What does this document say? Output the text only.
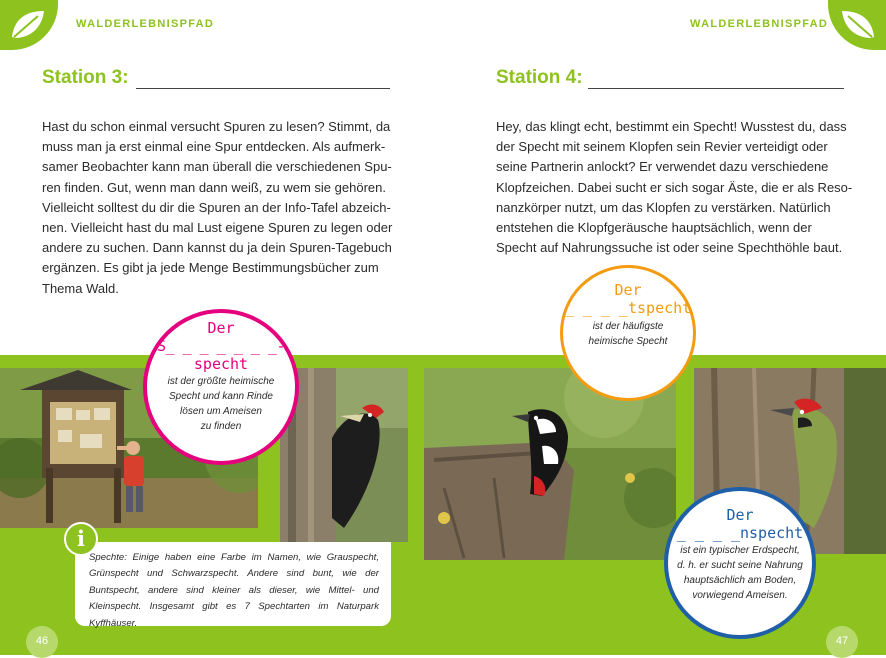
WALDERLEBNISPFAD	WALDERLEBNISPFAD
Station 3:	Station 4:

Hast du schon einmal versucht Spuren zu lesen? Stimmt, da

muss man ja erst einmal eine Spur entdecken. Als aufmerk-

samer Beobachter kann man überall die verschiedenen Spu-

ren finden. Gut, wenn man dann weiß, zu wem sie gehören.

Vielleicht solltest du dir die Spuren an der Info-Tafel abzeich-

nen. Vielleicht hast du mal Lust eigene Spuren zu legen oder

andere zu suchen. Dann kannst du ja dein Spuren-Tagebuch

ergänzen. Es gibt ja jede Menge Bestimmungsbücher zum

Thema Wald.

Hey, das klingt echt, bestimmt ein Specht! Wusstest du, dass

der Specht mit seinem Klopfen sein Revier verteidigt oder

seine Partnerin anlockt? Er verwendet dazu verschiedene

Klopfzeichen. Dabei sucht er sich sogar Äste, die er als Reso-

nanzkörper nutzt, um das Klopfen zu verstärken. Natürlich

entstehen die Klopfgeräusche hauptsächlich, wenn der

Specht auf Nahrungssuche ist oder seine Spechthöhle baut.

Der
S_ _ _ _ _ _ _-
specht
ist der größte heimische
Specht und kann Rinde
lösen um Ameisen
zu finden
Der
_ _ _ _tspecht
ist der häufigste
heimische Specht
Der
_ _ _ _nspecht
ist ein typischer Erdspecht,
d. h. er sucht seine Nahrung
hauptsächlich am Boden,
vorwiegend Ameisen.
Spechte: Einige haben eine Farbe im Namen, wie Grauspecht, Grünspecht und Schwarzspecht. Andere sind bunt, wie der Buntspecht, andere sind kleiner als dieser, wie Mittel- und Kleinspecht. Insgesamt gibt es 7 Spechtarten im Naturpark Kyffhäuser.
i
46	47
